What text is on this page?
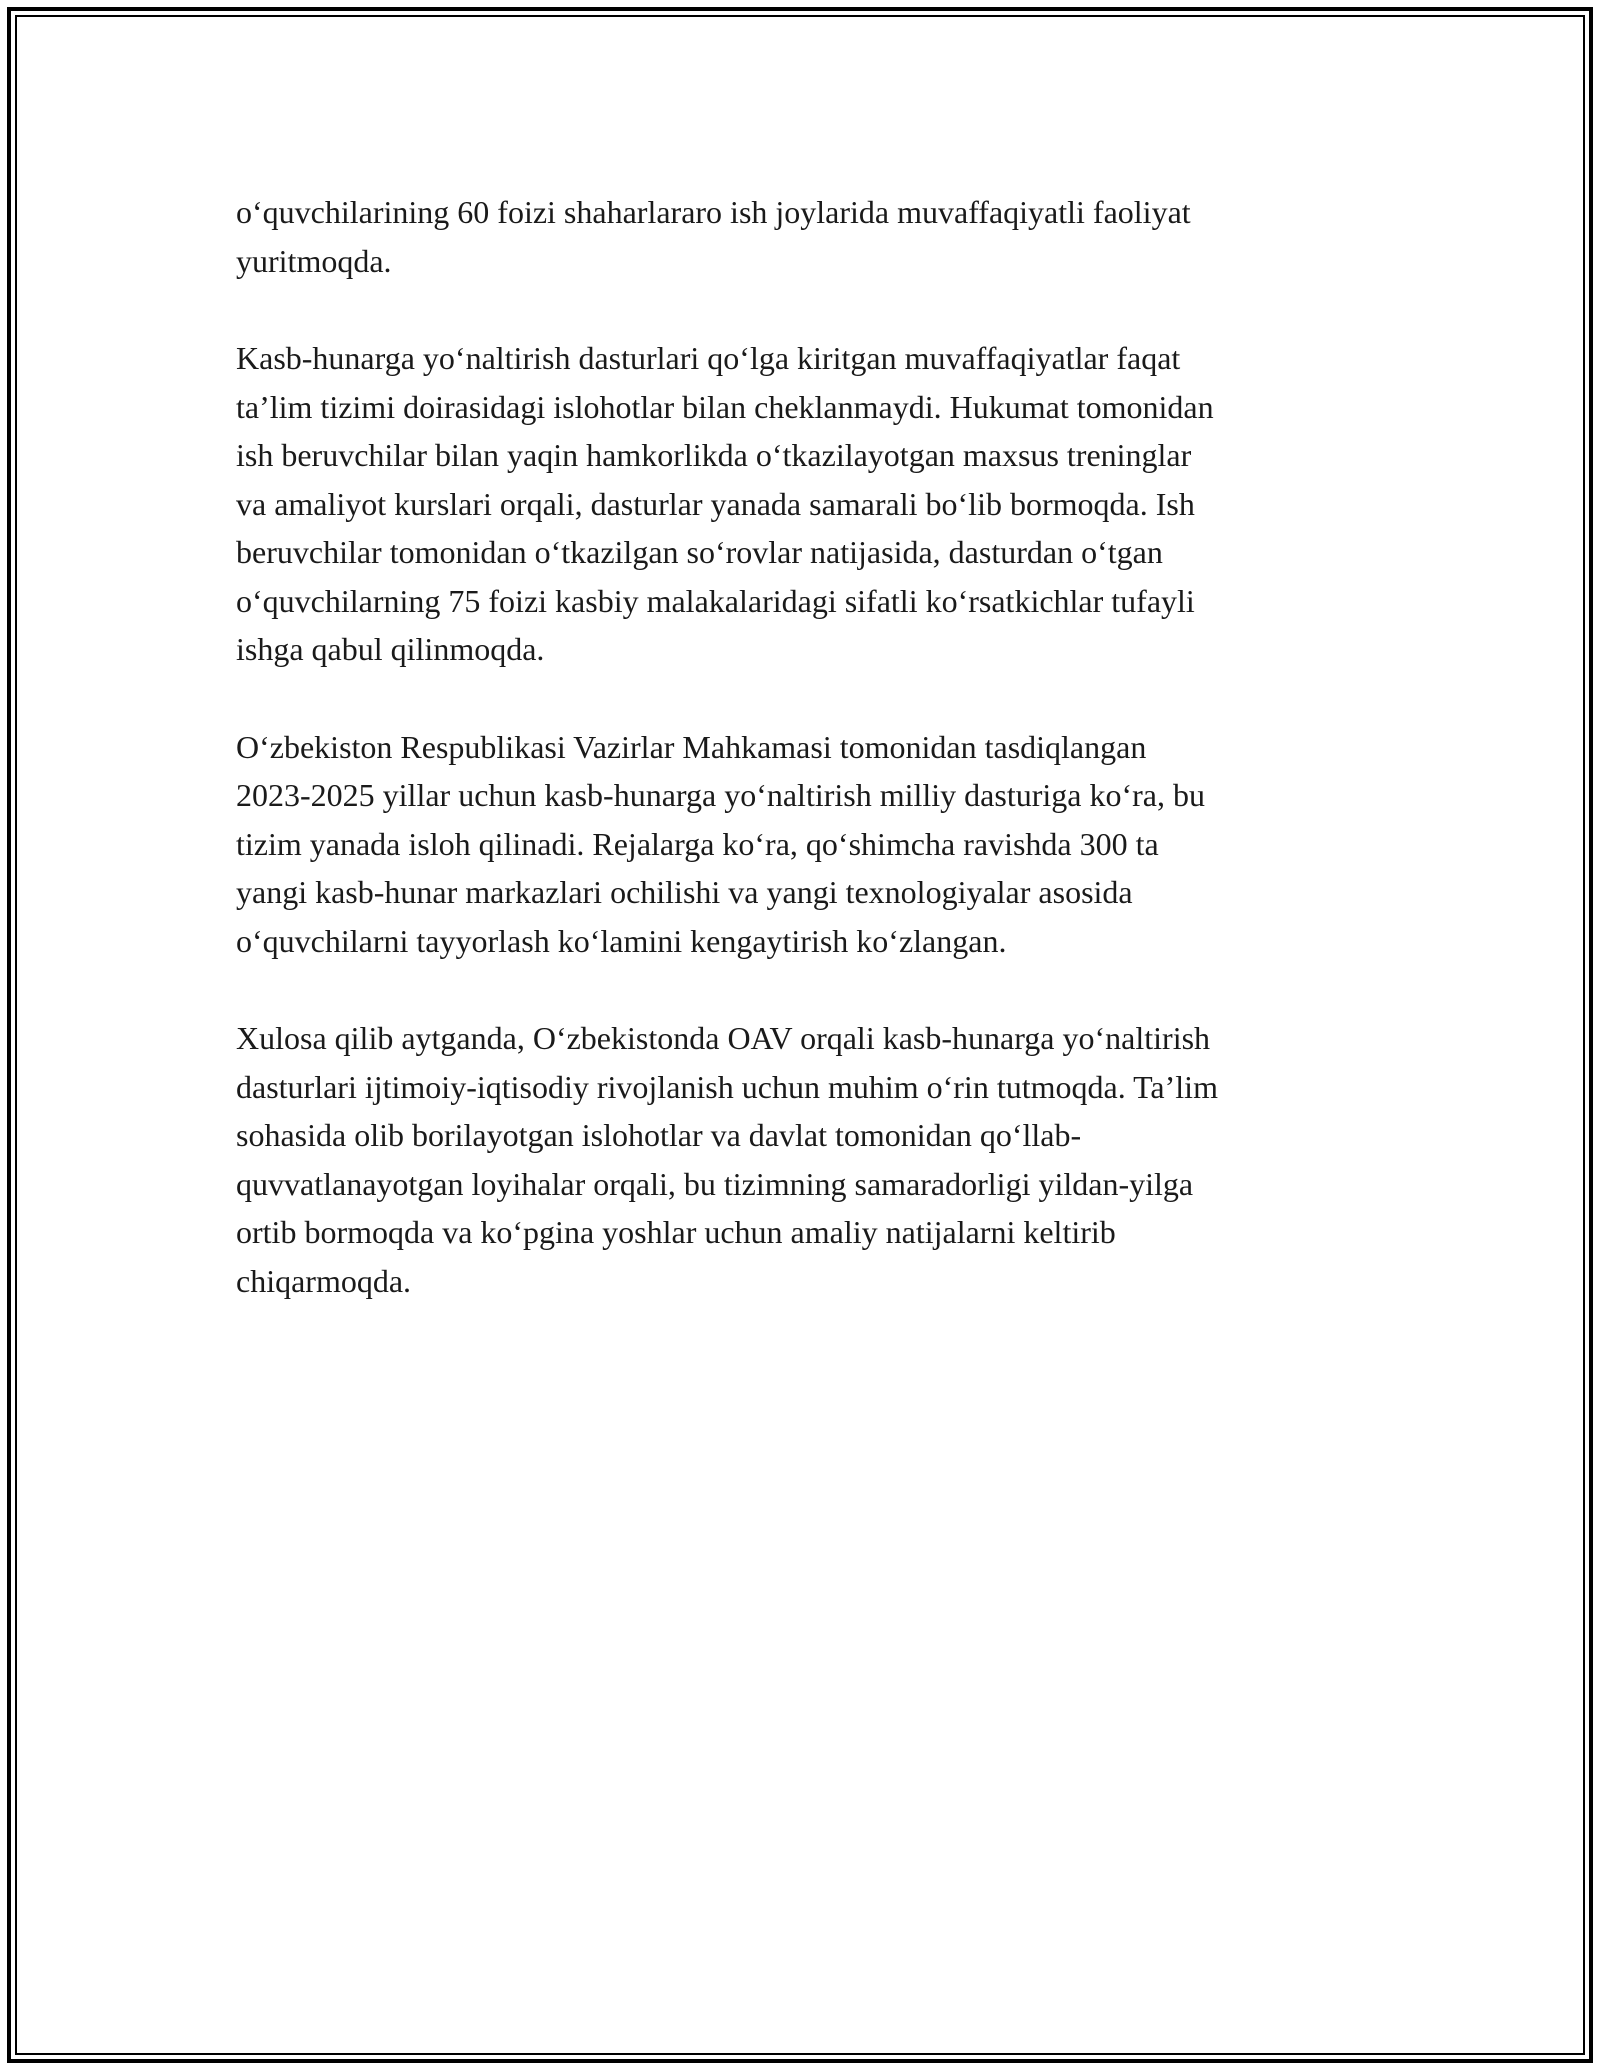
o‘quvchilarining 60 foizi shaharlararo ish joylarida muvaffaqiyatli faoliyat
yuritmoqda.

Kasb-hunarga yo‘naltirish dasturlari qo‘lga kiritgan muvaffaqiyatlar faqat
ta’lim tizimi doirasidagi islohotlar bilan cheklanmaydi. Hukumat tomonidan
ish beruvchilar bilan yaqin hamkorlikda o‘tkazilayotgan maxsus treninglar
va amaliyot kurslari orqali, dasturlar yanada samarali bo‘lib bormoqda. Ish
beruvchilar tomonidan o‘tkazilgan so‘rovlar natijasida, dasturdan o‘tgan
o‘quvchilarning 75 foizi kasbiy malakalaridagi sifatli ko‘rsatkichlar tufayli
ishga qabul qilinmoqda.

O‘zbekiston Respublikasi Vazirlar Mahkamasi tomonidan tasdiqlangan
2023-2025 yillar uchun kasb-hunarga yo‘naltirish milliy dasturiga ko‘ra, bu
tizim yanada isloh qilinadi. Rejalarga ko‘ra, qo‘shimcha ravishda 300 ta
yangi kasb-hunar markazlari ochilishi va yangi texnologiyalar asosida
o‘quvchilarni tayyorlash ko‘lamini kengaytirish ko‘zlangan.

Xulosa qilib aytganda, O‘zbekistonda OAV orqali kasb-hunarga yo‘naltirish
dasturlari ijtimoiy-iqtisodiy rivojlanish uchun muhim o‘rin tutmoqda. Ta’lim
sohasida olib borilayotgan islohotlar va davlat tomonidan qo‘llab-
quvvatlanayotgan loyihalar orqali, bu tizimning samaradorligi yildan-yilga
ortib bormoqda va ko‘pgina yoshlar uchun amaliy natijalarni keltirib
chiqarmoqda.
